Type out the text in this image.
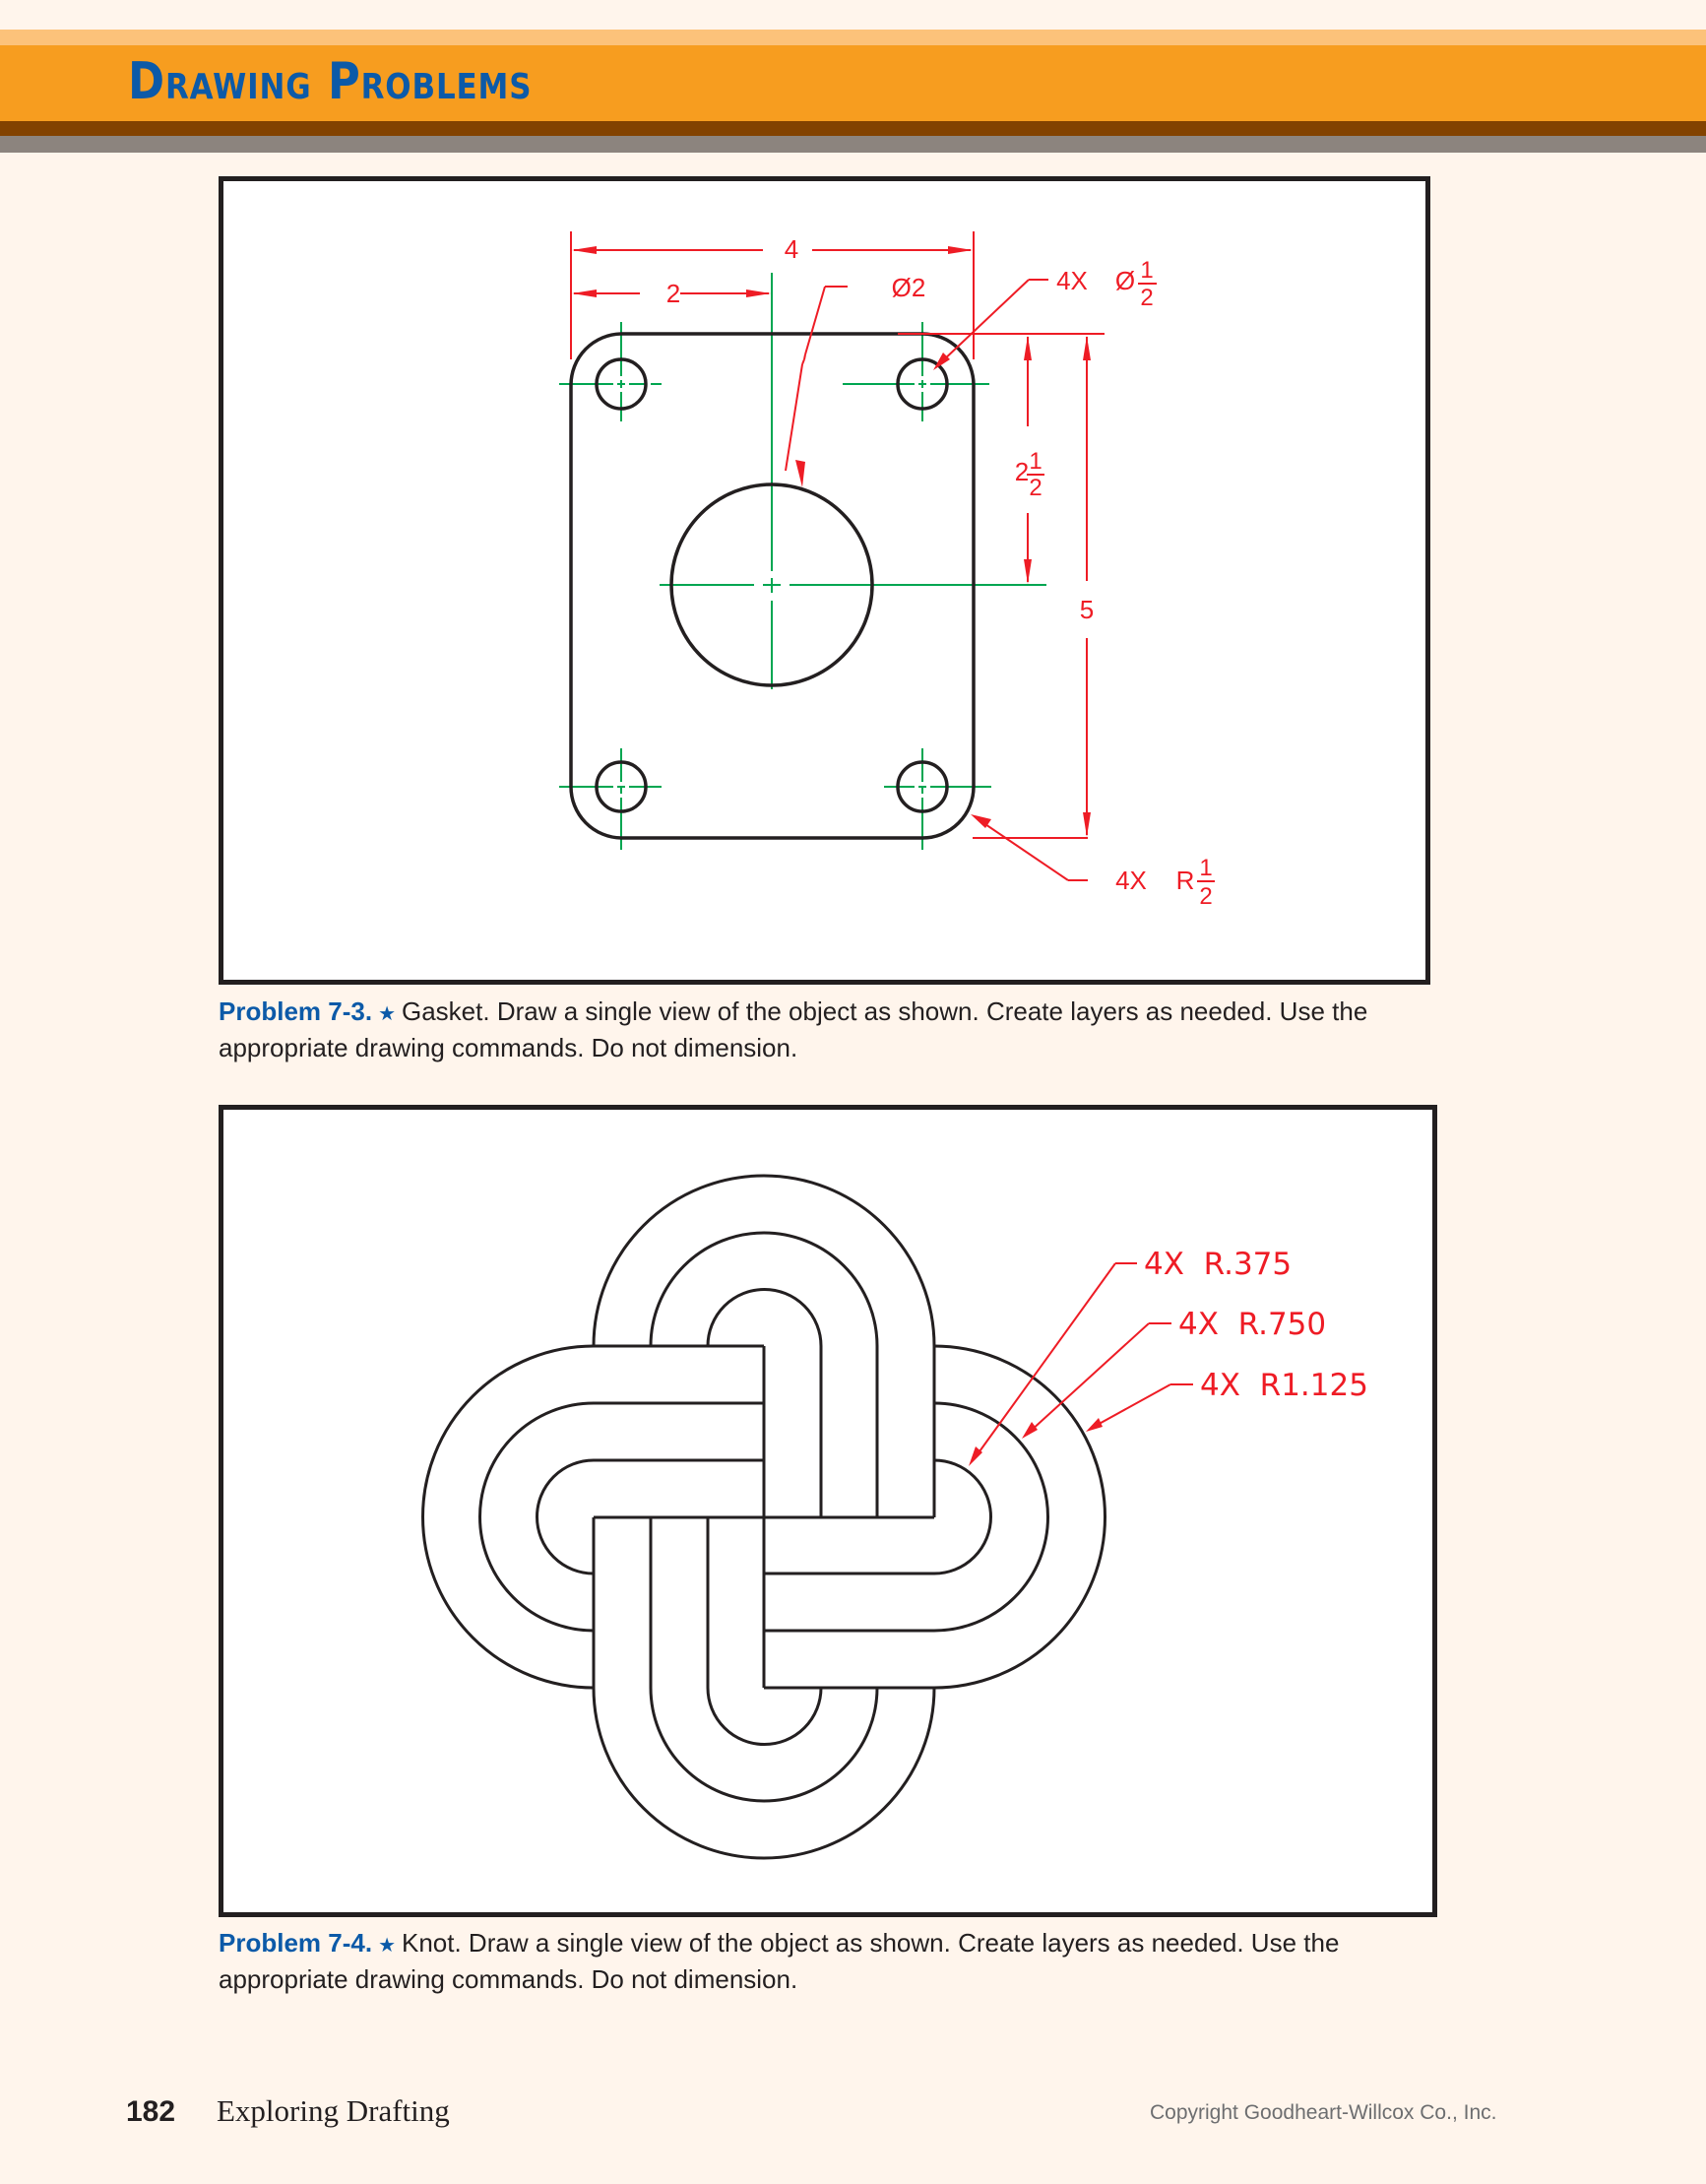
Drawing Problems
4
2	Ø2	4X Ø 1
2
2 1
2
5
4X R 1
2
Problem 7-3. ★ Gasket. Draw a single view of the object as shown. Create layers as needed. Use the appropriate drawing commands. Do not dimension.
4X  R.375
4X  R.750
4X  R1.125
Problem 7-4. ★ Knot. Draw a single view of the object as shown. Create layers as needed. Use the appropriate drawing commands. Do not dimension.
182 Exploring Drafting	Copyright Goodheart-Willcox Co., Inc.
